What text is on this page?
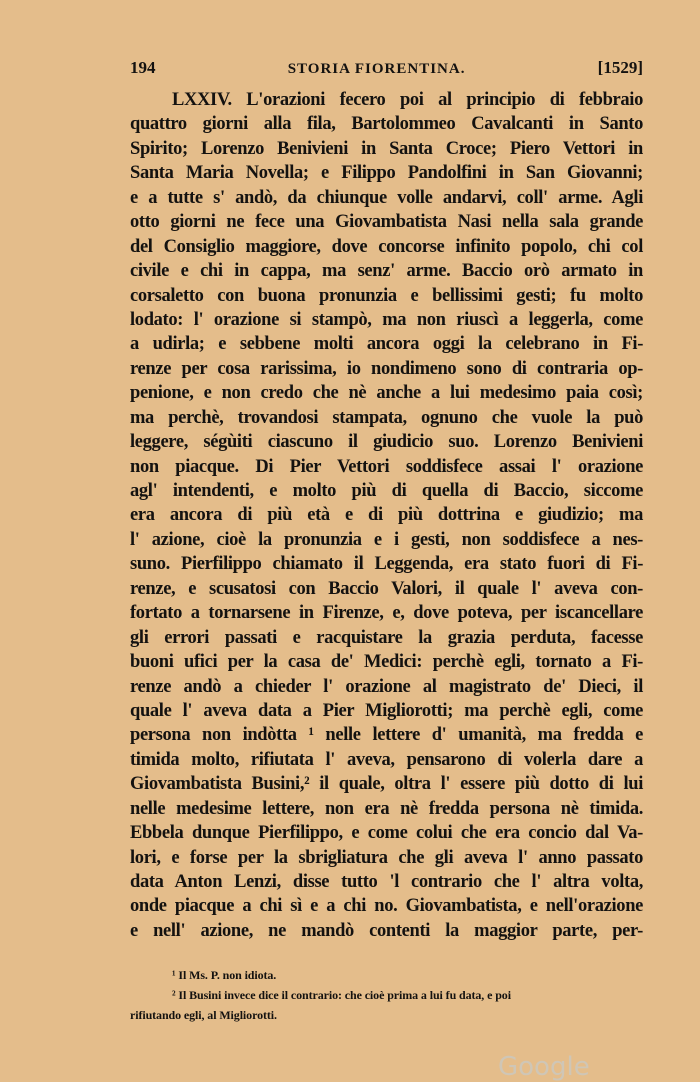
194	STORIA FIORENTINA.	[1529]
LXXIV. L'orazioni fecero poi al principio di febbraio
quattro giorni alla fila, Bartolommeo Cavalcanti in Santo
Spirito; Lorenzo Benivieni in Santa Croce; Piero Vettori in
Santa Maria Novella; e Filippo Pandolfini in San Giovanni;
e a tutte s' andò, da chiunque volle andarvi, coll' arme. Agli
otto giorni ne fece una Giovambatista Nasi nella sala grande
del Consiglio maggiore, dove concorse infinito popolo, chi col
civile e chi in cappa, ma senz' arme. Baccio orò armato in
corsaletto con buona pronunzia e bellissimi gesti; fu molto
lodato: l' orazione si stampò, ma non riuscì a leggerla, come
a udirla; e sebbene molti ancora oggi la celebrano in Fi-
renze per cosa rarissima, io nondimeno sono di contraria op-
penione, e non credo che nè anche a lui medesimo paia così;
ma perchè, trovandosi stampata, ognuno che vuole la può
leggere, ségùiti ciascuno il giudicio suo. Lorenzo Benivieni
non piacque. Di Pier Vettori soddisfece assai l' orazione
agl' intendenti, e molto più di quella di Baccio, siccome
era ancora di più età e di più dottrina e giudizio; ma
l' azione, cioè la pronunzia e i gesti, non soddisfece a nes-
suno. Pierfilippo chiamato il Leggenda, era stato fuori di Fi-
renze, e scusatosi con Baccio Valori, il quale l' aveva con-
fortato a tornarsene in Firenze, e, dove poteva, per iscancellare
gli errori passati e racquistare la grazia perduta, facesse
buoni ufici per la casa de' Medici: perchè egli, tornato a Fi-
renze andò a chieder l' orazione al magistrato de' Dieci, il
quale l' aveva data a Pier Migliorotti; ma perchè egli, come
persona non indòtta ¹ nelle lettere d' umanità, ma fredda e
timida molto, rifiutata l' aveva, pensarono di volerla dare a
Giovambatista Busini,² il quale, oltra l' essere più dotto di lui
nelle medesime lettere, non era nè fredda persona nè timida.
Ebbela dunque Pierfilippo, e come colui che era concio dal Va-
lori, e forse per la sbrigliatura che gli aveva l' anno passato
data Anton Lenzi, disse tutto 'l contrario che l' altra volta,
onde piacque a chi sì e a chi no. Giovambatista, e nell'orazione
e nell' azione, ne mandò contenti la maggior parte, per-
¹ Il Ms. P. non idiota.
² Il Busini invece dice il contrario: che cioè prima a lui fu data, e poi
rifiutando egli, al Migliorotti.
Google
